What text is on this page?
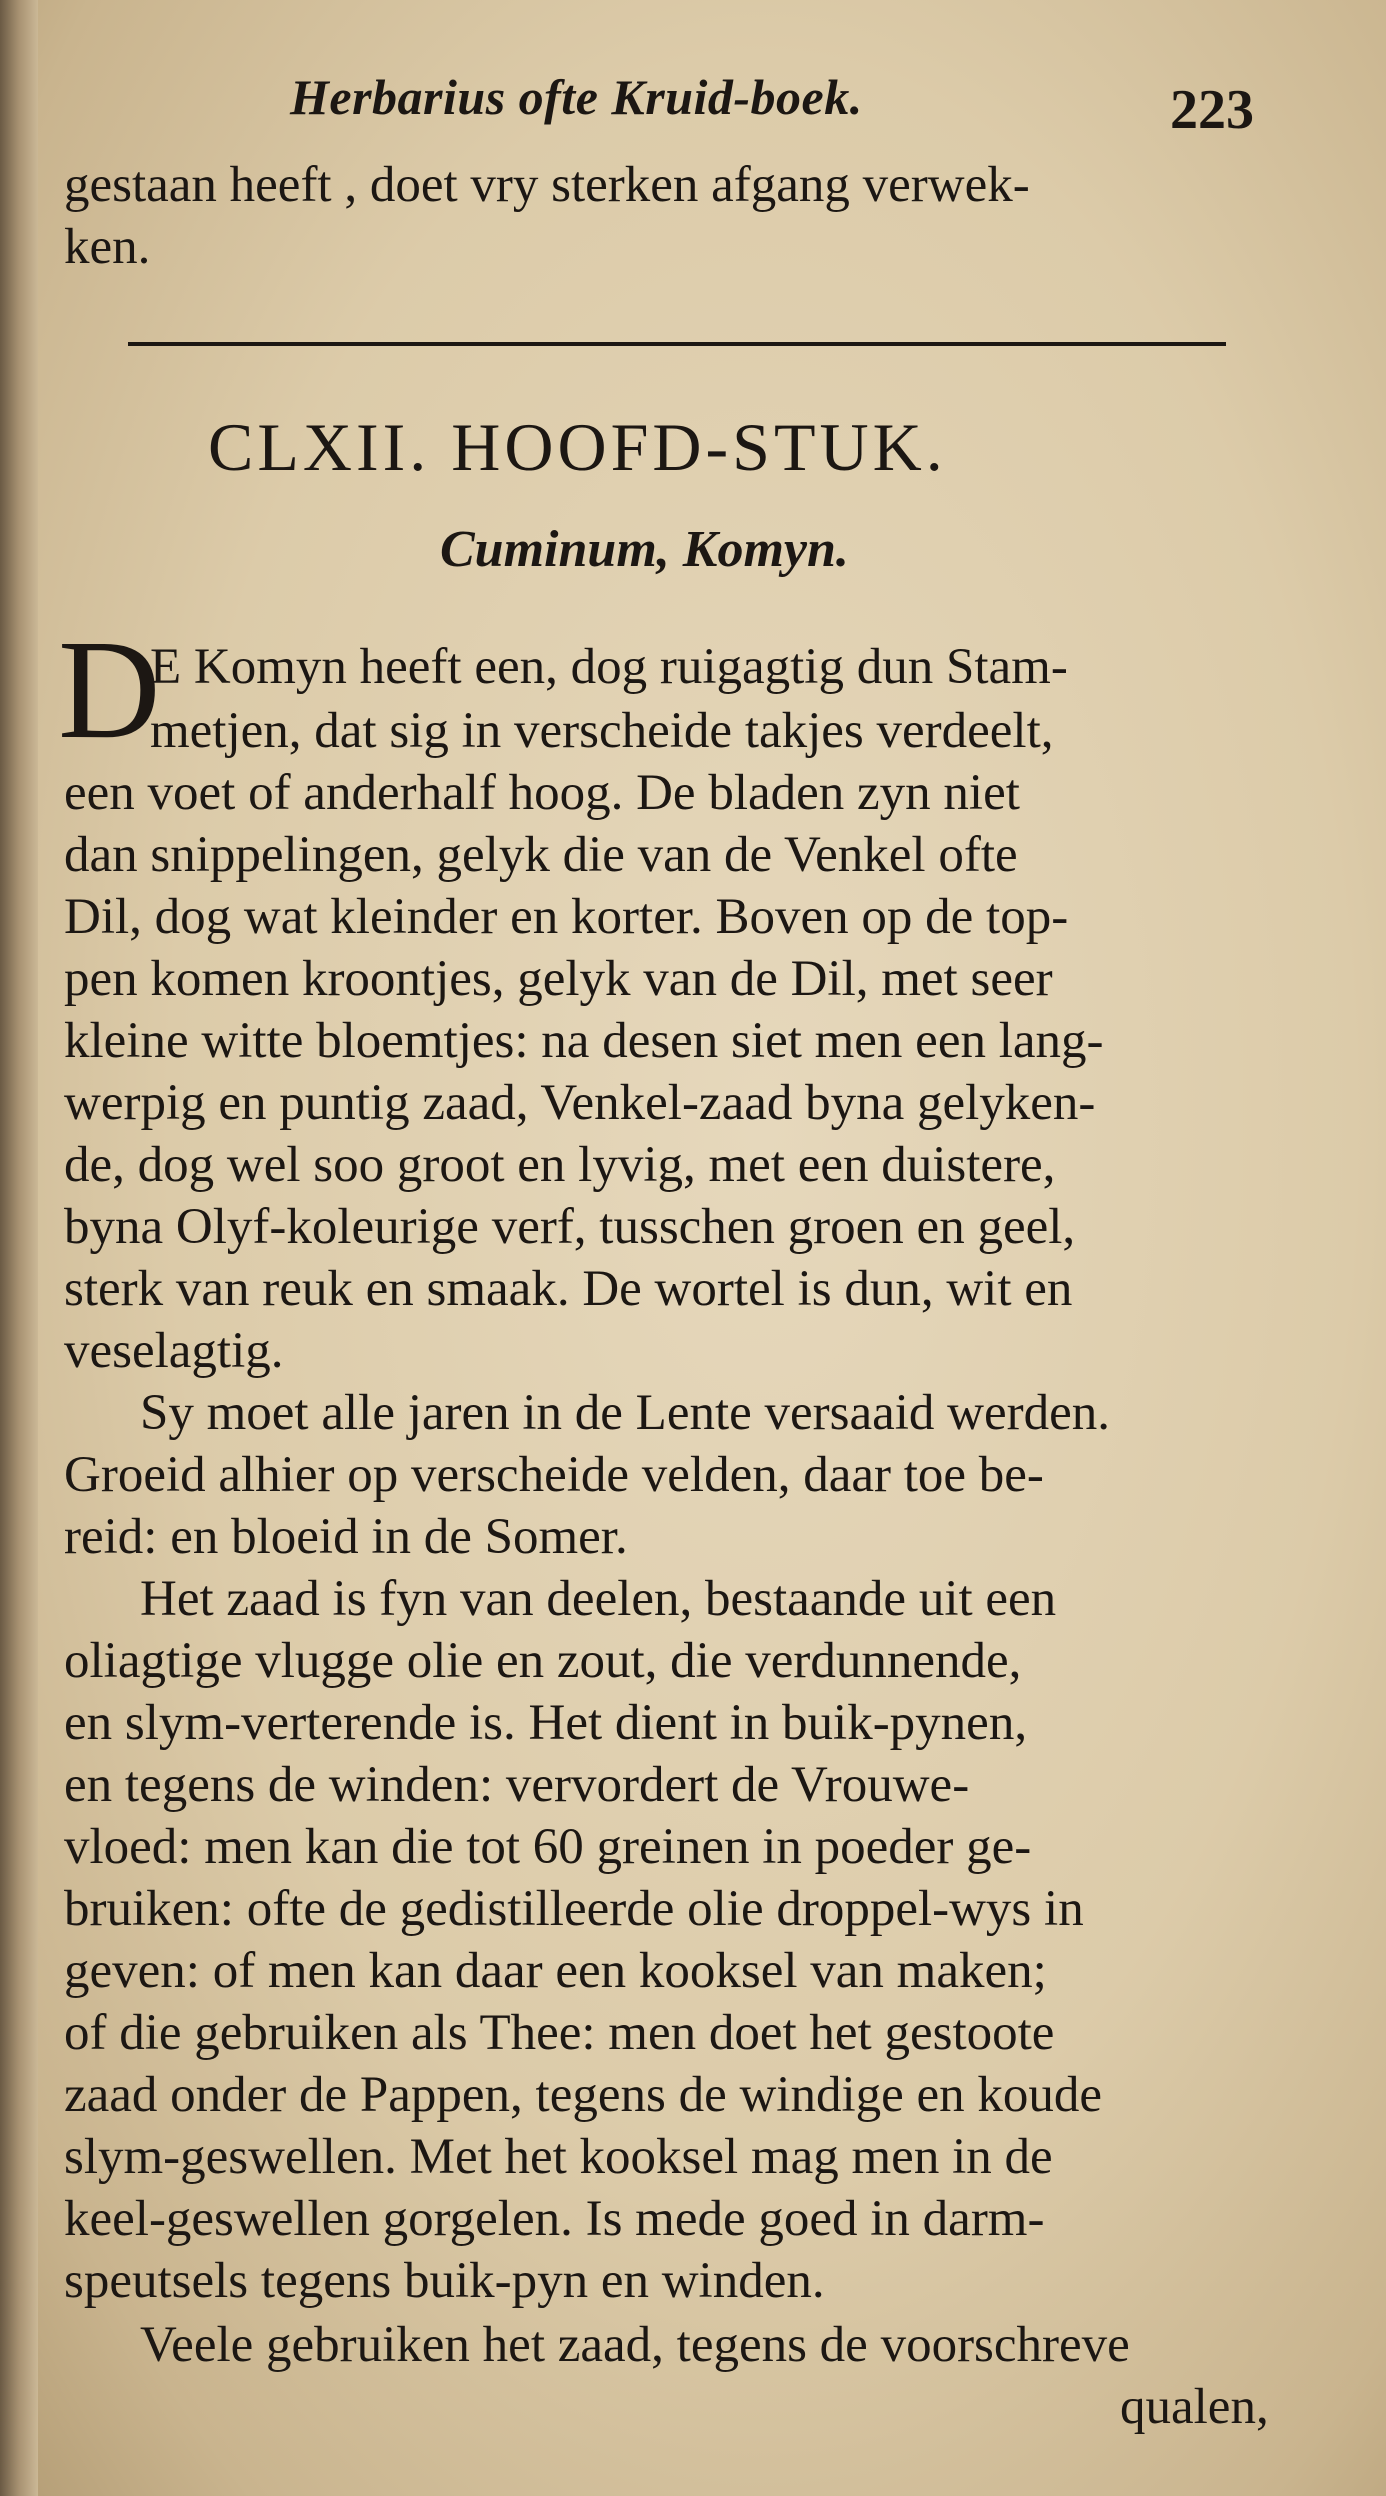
Herbarius ofte Kruid-boek.	223
gestaan heeft , doet vry sterken afgang verwek-
ken.
CLXII. HOOFD-STUK.
Cuminum, Komyn.
D
E Komyn heeft een, dog ruigagtig dun Stam-
metjen, dat sig in verscheide takjes verdeelt,
een voet of anderhalf hoog. De bladen zyn niet
dan snippelingen, gelyk die van de Venkel ofte
Dil, dog wat kleinder en korter. Boven op de top-
pen komen kroontjes, gelyk van de Dil, met seer
kleine witte bloemtjes: na desen siet men een lang-
werpig en puntig zaad, Venkel-zaad byna gelyken-
de, dog wel soo groot en lyvig, met een duistere,
byna Olyf-koleurige verf, tusschen groen en geel,
sterk van reuk en smaak. De wortel is dun, wit en
veselagtig.
Sy moet alle jaren in de Lente versaaid werden.
Groeid alhier op verscheide velden, daar toe be-
reid: en bloeid in de Somer.
Het zaad is fyn van deelen, bestaande uit een
oliagtige vlugge olie en zout, die verdunnende,
en slym-verterende is. Het dient in buik-pynen,
en tegens de winden: vervordert de Vrouwe-
vloed: men kan die tot 60 greinen in poeder ge-
bruiken: ofte de gedistilleerde olie droppel-wys in
geven: of men kan daar een kooksel van maken;
of die gebruiken als Thee: men doet het gestoote
zaad onder de Pappen, tegens de windige en koude
slym-geswellen. Met het kooksel mag men in de
keel-geswellen gorgelen. Is mede goed in darm-
speutsels tegens buik-pyn en winden.
Veele gebruiken het zaad, tegens de voorschreve
qualen,
